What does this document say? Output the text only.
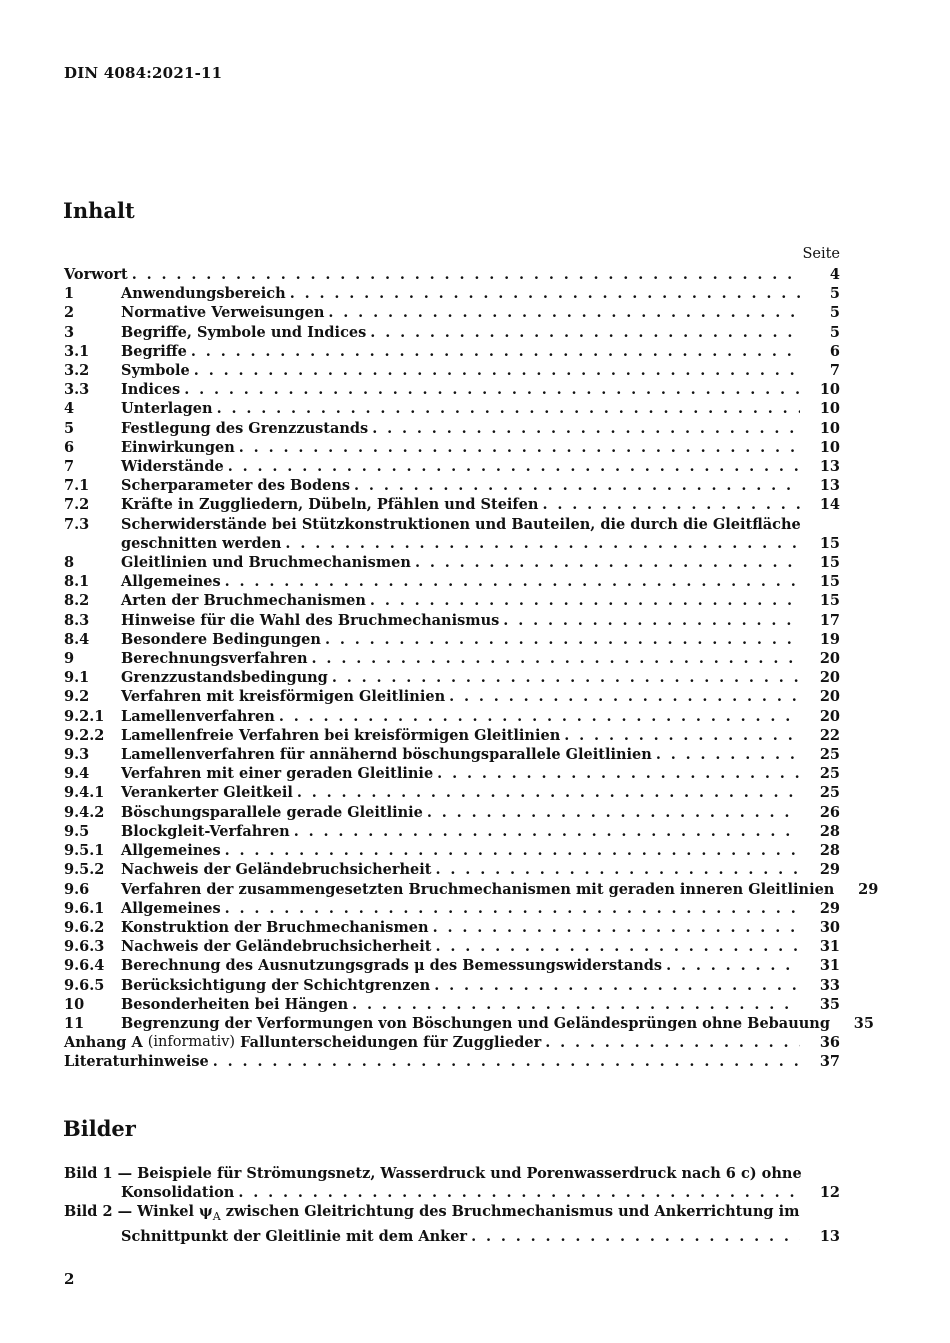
DIN 4084:2021-11
Inhalt
Seite
Vorwort . . .	4
1	Anwendungsbereich . . .	5
2	Normative Verweisungen . . .	5
3	Begriffe, Symbole und Indices . . .	5
3.1	Begriffe . . .	6
3.2	Symbole . . .	7
3.3	Indices . . .	10
4	Unterlagen . . .	10
5	Festlegung des Grenzzustands . . .	10
6	Einwirkungen . . .	10
7	Widerstände . . .	13
7.1	Scherparameter des Bodens . . .	13
7.2	Kräfte in Zuggliedern, Dübeln, Pfählen und Steifen . . .	14
7.3	Scherwiderstände bei Stützkonstruktionen und Bauteilen, die durch die Gleitfläche
geschnitten werden . . .	15
8	Gleitlinien und Bruchmechanismen . . .	15
8.1	Allgemeines . . .	15
8.2	Arten der Bruchmechanismen . . .	15
8.3	Hinweise für die Wahl des Bruchmechanismus . . .	17
8.4	Besondere Bedingungen . . .	19
9	Berechnungsverfahren . . .	20
9.1	Grenzzustandsbedingung . . .	20
9.2	Verfahren mit kreisförmigen Gleitlinien . . .	20
9.2.1	Lamellenverfahren . . .	20
9.2.2	Lamellenfreie Verfahren bei kreisförmigen Gleitlinien . . .	22
9.3	Lamellenverfahren für annähernd böschungsparallele Gleitlinien . . .	25
9.4	Verfahren mit einer geraden Gleitlinie . . .	25
9.4.1	Verankerter Gleitkeil . . .	25
9.4.2	Böschungsparallele gerade Gleitlinie . . .	26
9.5	Blockgleit-Verfahren . . .	28
9.5.1	Allgemeines . . .	28
9.5.2	Nachweis der Geländebruchsicherheit . . .	29
9.6	Verfahren der zusammengesetzten Bruchmechanismen mit geraden inneren Gleitlinien	29
9.6.1	Allgemeines . . .	29
9.6.2	Konstruktion der Bruchmechanismen . . .	30
9.6.3	Nachweis der Geländebruchsicherheit . . .	31
9.6.4	Berechnung des Ausnutzungsgrads μ des Bemessungswiderstands . . .	31
9.6.5	Berücksichtigung der Schichtgrenzen . . .	33
10	Besonderheiten bei Hängen . . .	35
11	Begrenzung der Verformungen von Böschungen und Geländesprüngen ohne Bebauung	35
Anhang A (informativ) Fallunterscheidungen für Zugglieder . . .	36
Literaturhinweise . . .	37
Bilder
Bild 1 — Beispiele für Strömungsnetz, Wasserdruck und Porenwasserdruck nach 6 c) ohne
Konsolidation . . .	12
Bild 2 — Winkel $\psi_A$ zwischen Gleitrichtung des Bruchmechanismus und Ankerrichtung im
Schnittpunkt der Gleitlinie mit dem Anker . . .	13
2
